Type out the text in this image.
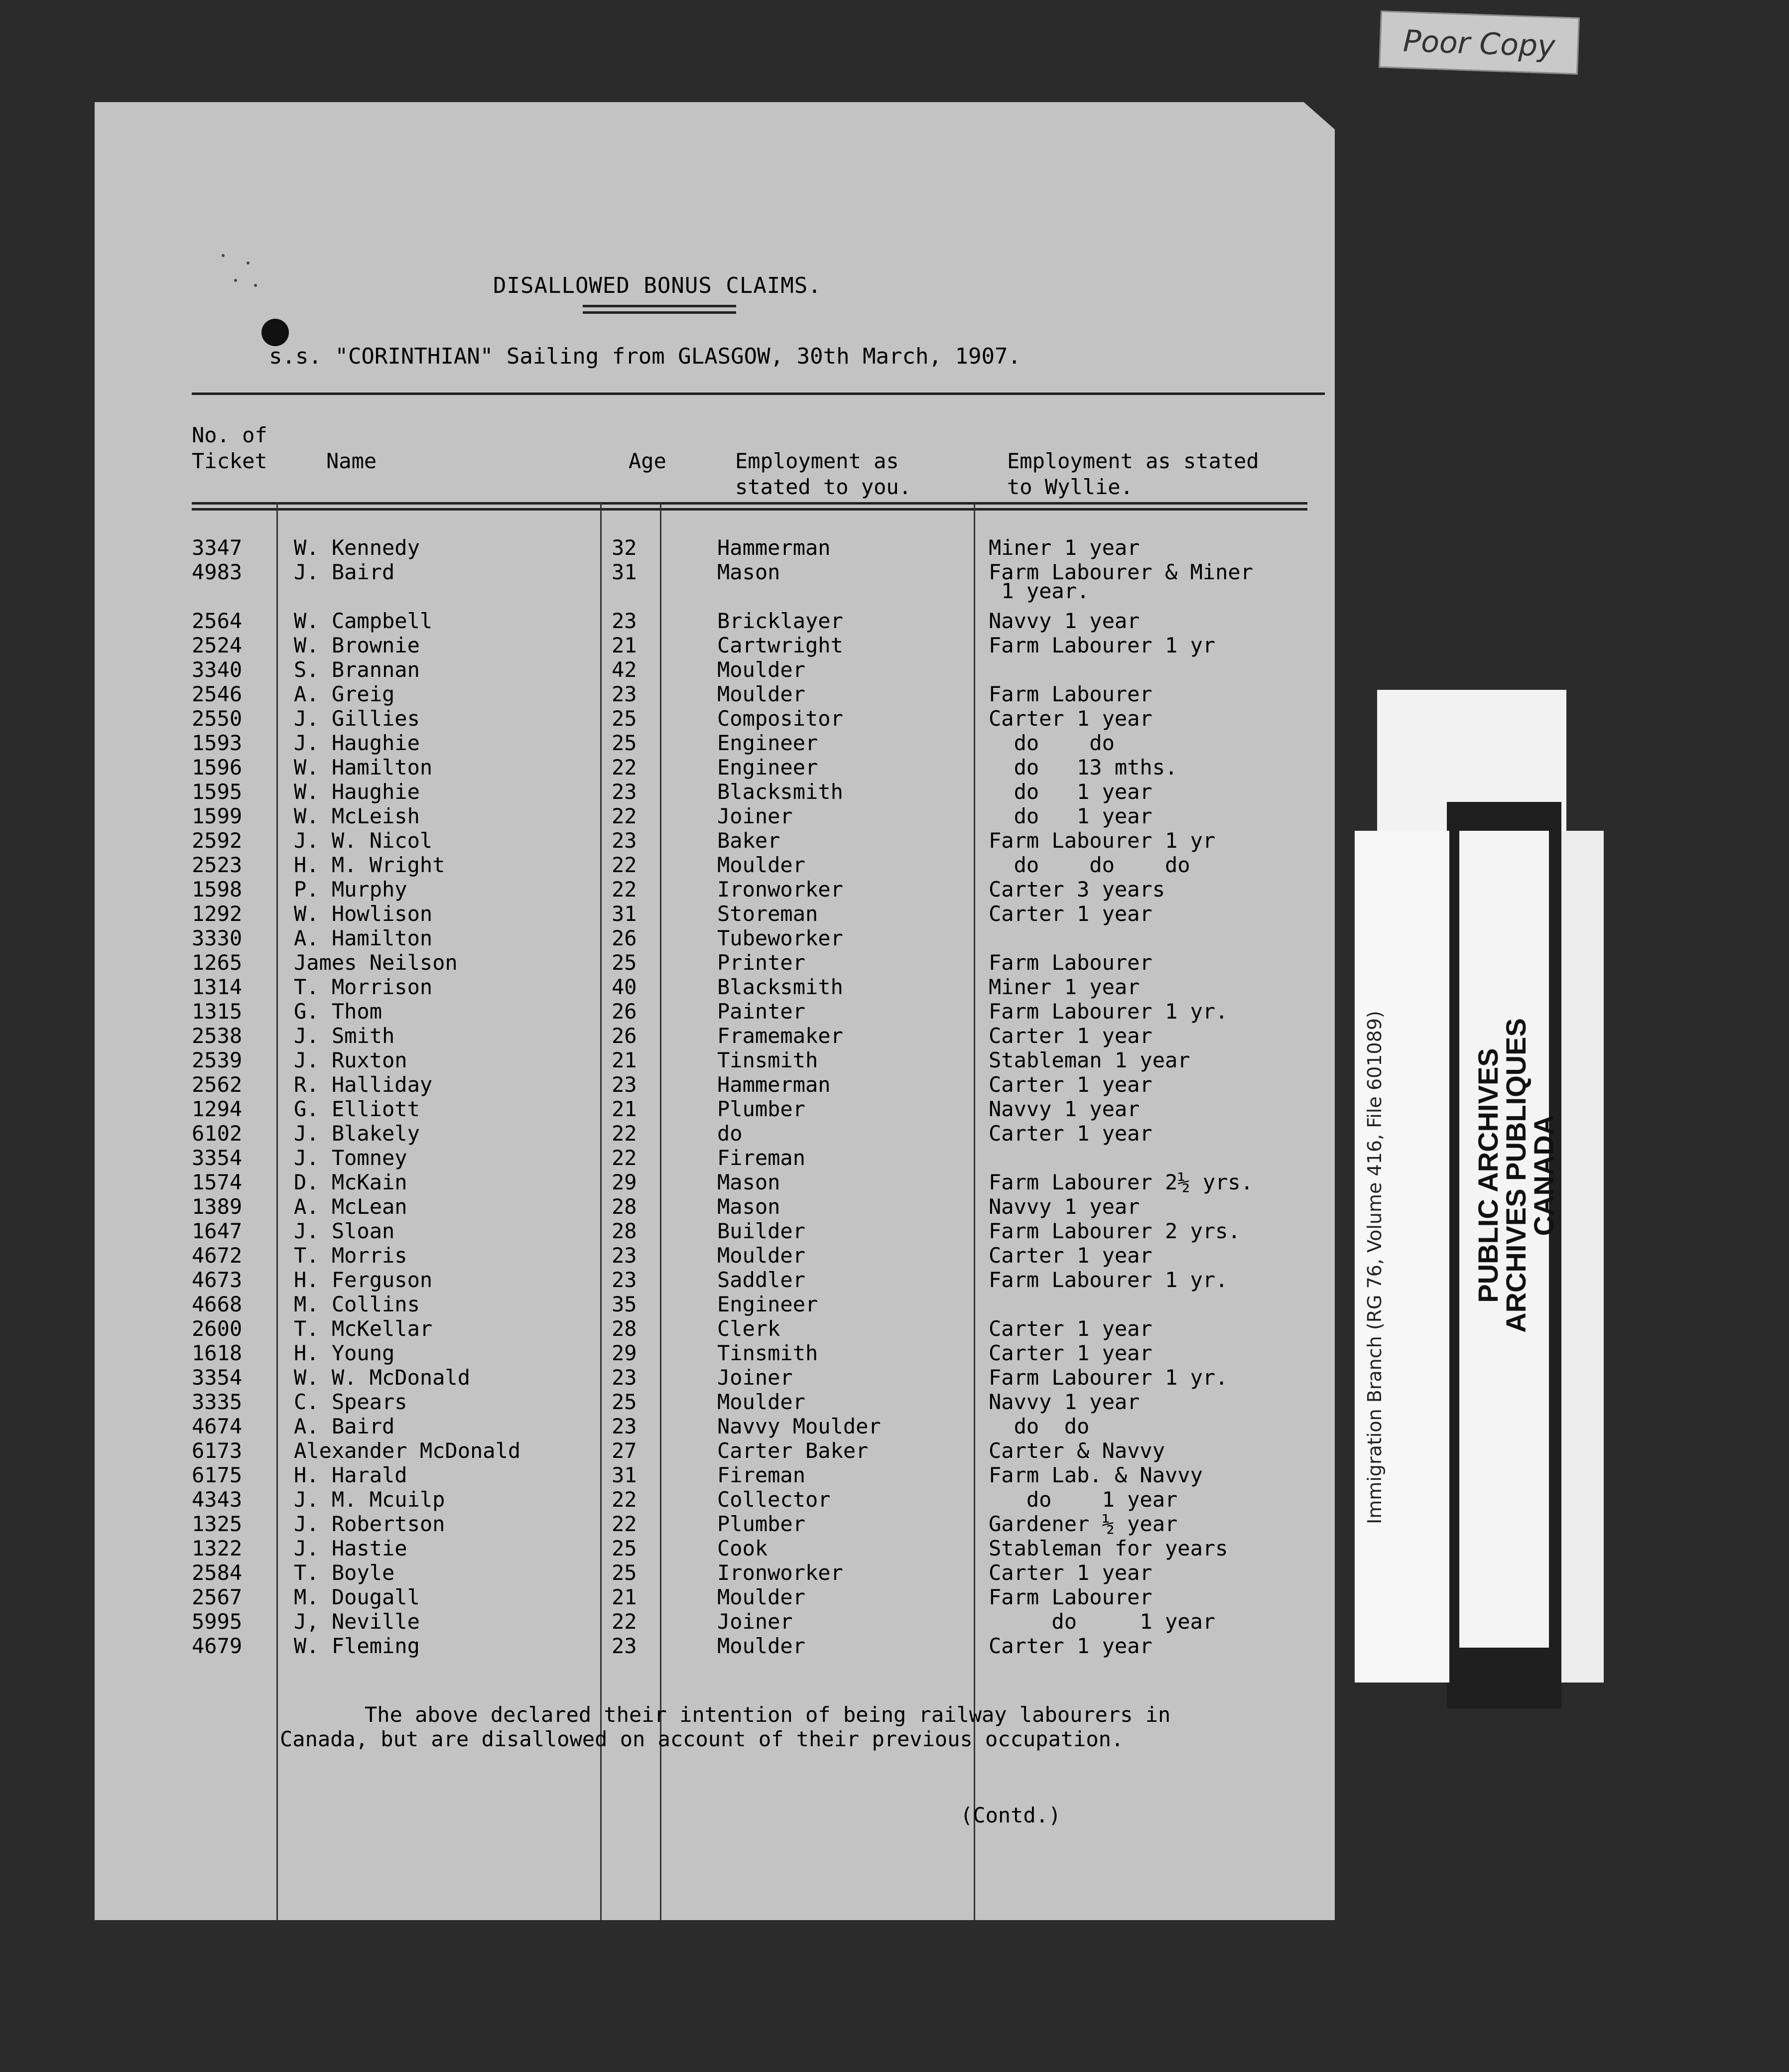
Poor Copy
DISALLOWED BONUS CLAIMS.
s.s. "CORINTHIAN" Sailing from GLASGOW, 30th March, 1907.
No. of Ticket	Name	Age	Employment as stated to you.
Employment as stated to Wyllie.
3347 W. Kennedy	32	Hammerman	Miner 1 year
4983 J. Baird	31	Mason	Farm Labourer & Miner
1 year.
2564 W. Campbell	23	Bricklayer	Navvy 1 year
2524 W. Brownie	21	Cartwright	Farm Labourer 1 yr
3340 S. Brannan	42	Moulder
2546 A. Greig	23	Moulder	Farm Labourer
2550 J. Gillies	25	Compositor	Carter 1 year
1593 J. Haughie	25	Engineer	do    do
1596 W. Hamilton	22	Engineer	do   13 mths.
1595 W. Haughie	23	Blacksmith	do   1 year
1599 W. McLeish	22	Joiner	do   1 year
2592 J. W. Nicol	23	Baker	Farm Labourer 1 yr
2523 H. M. Wright	22	Moulder	do    do    do
1598 P. Murphy	22	Ironworker	Carter 3 years
1292 W. Howlison	31	Storeman	Carter 1 year
3330 A. Hamilton	26	Tubeworker
1265 James Neilson	25	Printer	Farm Labourer
1314 T. Morrison	40	Blacksmith	Miner 1 year
1315 G. Thom	26	Painter	Farm Labourer 1 yr.
2538 J. Smith	26	Framemaker	Carter 1 year
2539 J. Ruxton	21	Tinsmith	Stableman 1 year
2562 R. Halliday	23	Hammerman	Carter 1 year
1294 G. Elliott	21	Plumber	Navvy 1 year
6102 J. Blakely	22	do	Carter 1 year
3354 J. Tomney	22	Fireman
1574 D. McKain	29	Mason	Farm Labourer 2½ yrs.
1389 A. McLean	28	Mason	Navvy 1 year
1647 J. Sloan	28	Builder	Farm Labourer 2 yrs.
4672 T. Morris	23	Moulder	Carter 1 year
4673 H. Ferguson	23	Saddler	Farm Labourer 1 yr.
4668 M. Collins	35	Engineer
2600 T. McKellar	28	Clerk	Carter 1 year
1618 H. Young	29	Tinsmith	Carter 1 year
3354 W. W. McDonald	23	Joiner	Farm Labourer 1 yr.
3335 C. Spears	25	Moulder	Navvy 1 year
4674 A. Baird	23	Navvy Moulder	do  do
6173 Alexander McDonald	27	Carter Baker	Carter & Navvy
6175 H. Harald	31	Fireman	Farm Lab. & Navvy
4343 J. M. Mcuilp	22	Collector	do    1 year
1325 J. Robertson	22	Plumber	Gardener ½ year
1322 J. Hastie	25	Cook	Stableman for years
2584 T. Boyle	25	Ironworker	Carter 1 year
2567 M. Dougall	21	Moulder	Farm Labourer
5995 J, Neville	22	Joiner	do     1 year
4679 W. Fleming	23	Moulder	Carter 1 year
The above declared their intention of being railway labourers in Canada, but are disallowed on account of their previous occupation.
(Contd.)
Immigration Branch (RG 76, Volume 416, File 601089)	PUBLIC ARCHIVES
ARCHIVES PUBLIQUES
CANADA
